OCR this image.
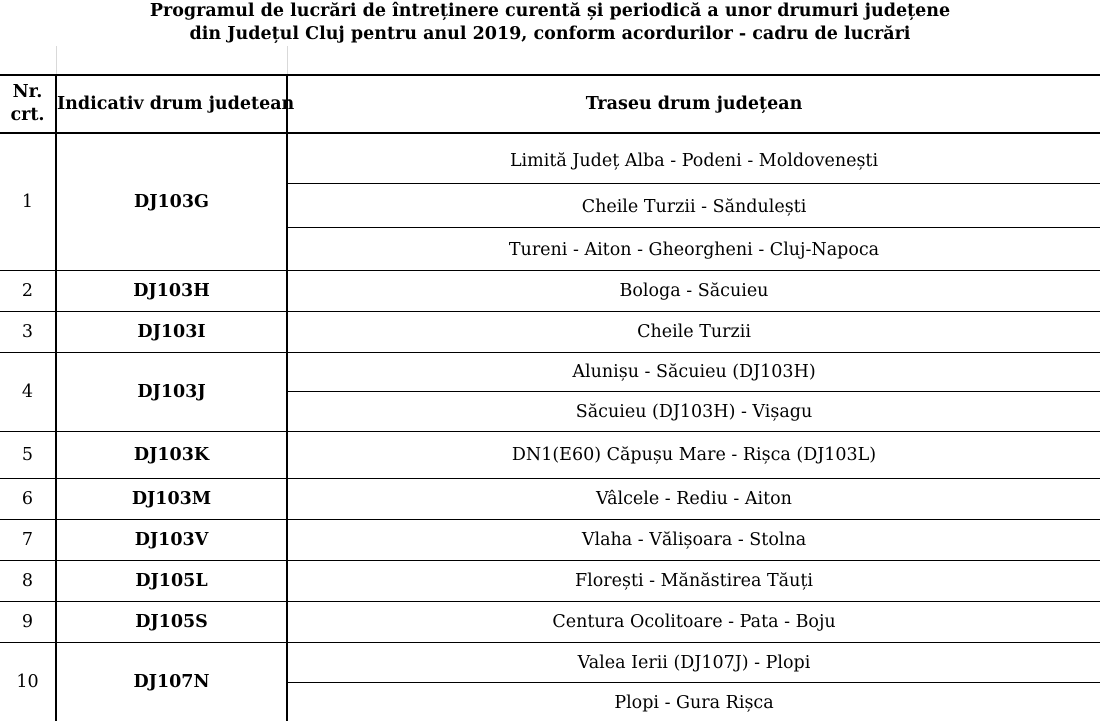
Programul de lucrări de întreținere curentă și periodică a unor drumuri județene
din Județul Cluj pentru anul 2019, conform acordurilor - cadru de lucrări

Nr.
crt.	Indicativ drum judetean	Traseu drum județean
1	DJ103G	Limită Județ Alba - Podeni - Moldovenești
		Cheile Turzii - Săndulești
		Tureni - Aiton - Gheorgheni - Cluj-Napoca
2	DJ103H	Bologa - Săcuieu
3	DJ103I	Cheile Turzii
4	DJ103J	Alunișu - Săcuieu (DJ103H)
		Săcuieu (DJ103H) - Vișagu
5	DJ103K	DN1(E60) Căpușu Mare - Rișca (DJ103L)
6	DJ103M	Vâlcele - Rediu - Aiton
7	DJ103V	Vlaha - Vălișoara - Stolna
8	DJ105L	Florești - Mănăstirea Tăuți
9	DJ105S	Centura Ocolitoare - Pata - Boju
10	DJ107N	Valea Ierii (DJ107J) - Plopi
		Plopi - Gura Rișca
